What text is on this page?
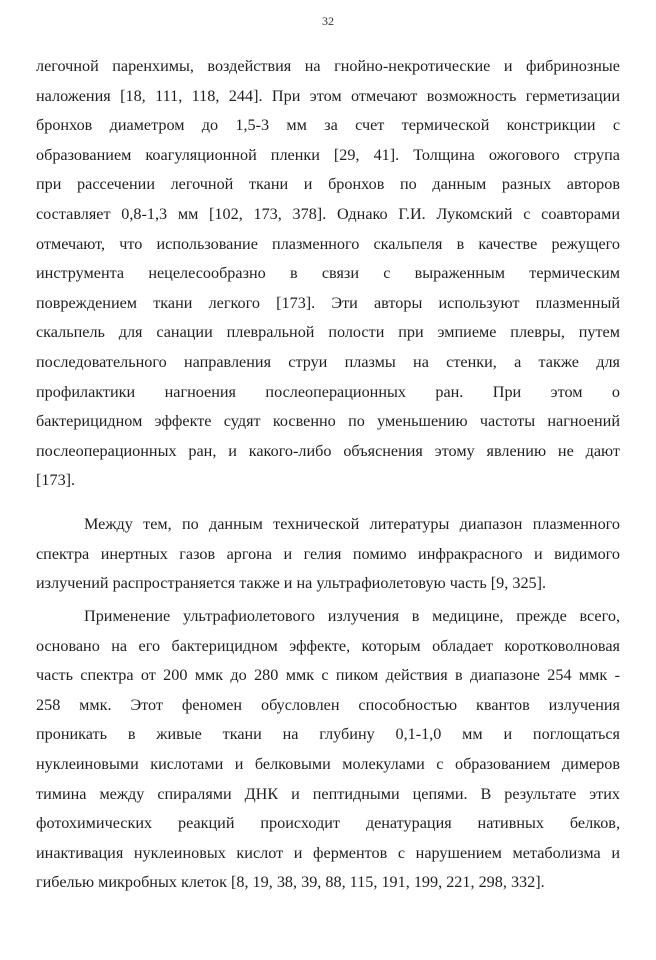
32
легочной паренхимы, воздействия на гнойно-некротические и фибринозные
наложения [18, 111, 118, 244]. При этом отмечают возможность герметизации
бронхов диаметром до 1,5-3 мм за счет термической констрикции с
образованием коагуляционной пленки [29, 41]. Толщина ожогового струпа
при рассечении легочной ткани и бронхов по данным разных авторов
составляет 0,8-1,3 мм [102, 173, 378]. Однако Г.И. Лукомский с соавторами
отмечают, что использование плазменного скальпеля в качестве режущего
инструмента нецелесообразно в связи с выраженным термическим
повреждением ткани легкого [173]. Эти авторы используют плазменный
скальпель для санации плевральной полости при эмпиеме плевры, путем
последовательного направления струи плазмы на стенки, а также для
профилактики нагноения послеоперационных ран. При этом о
бактерицидном эффекте судят косвенно по уменьшению частоты нагноений
послеоперационных ран, и какого-либо объяснения этому явлению не дают
[173].
Между тем, по данным технической литературы диапазон плазменного
спектра инертных газов аргона и гелия помимо инфракрасного и видимого
излучений распространяется также и на ультрафиолетовую часть [9, 325].
Применение ультрафиолетового излучения в медицине, прежде всего,
основано на его бактерицидном эффекте, которым обладает коротковолновая
часть спектра от 200 ммк до 280 ммк с пиком действия в диапазоне 254 ммк -
258 ммк. Этот феномен обусловлен способностью квантов излучения
проникать в живые ткани на глубину 0,1-1,0 мм и поглощаться
нуклеиновыми кислотами и белковыми молекулами с образованием димеров
тимина между спиралями ДНК и пептидными цепями. В результате этих
фотохимических реакций происходит денатурация нативных белков,
инактивация нуклеиновых кислот и ферментов с нарушением метаболизма и
гибелью микробных клеток [8, 19, 38, 39, 88, 115, 191, 199, 221, 298, 332].
